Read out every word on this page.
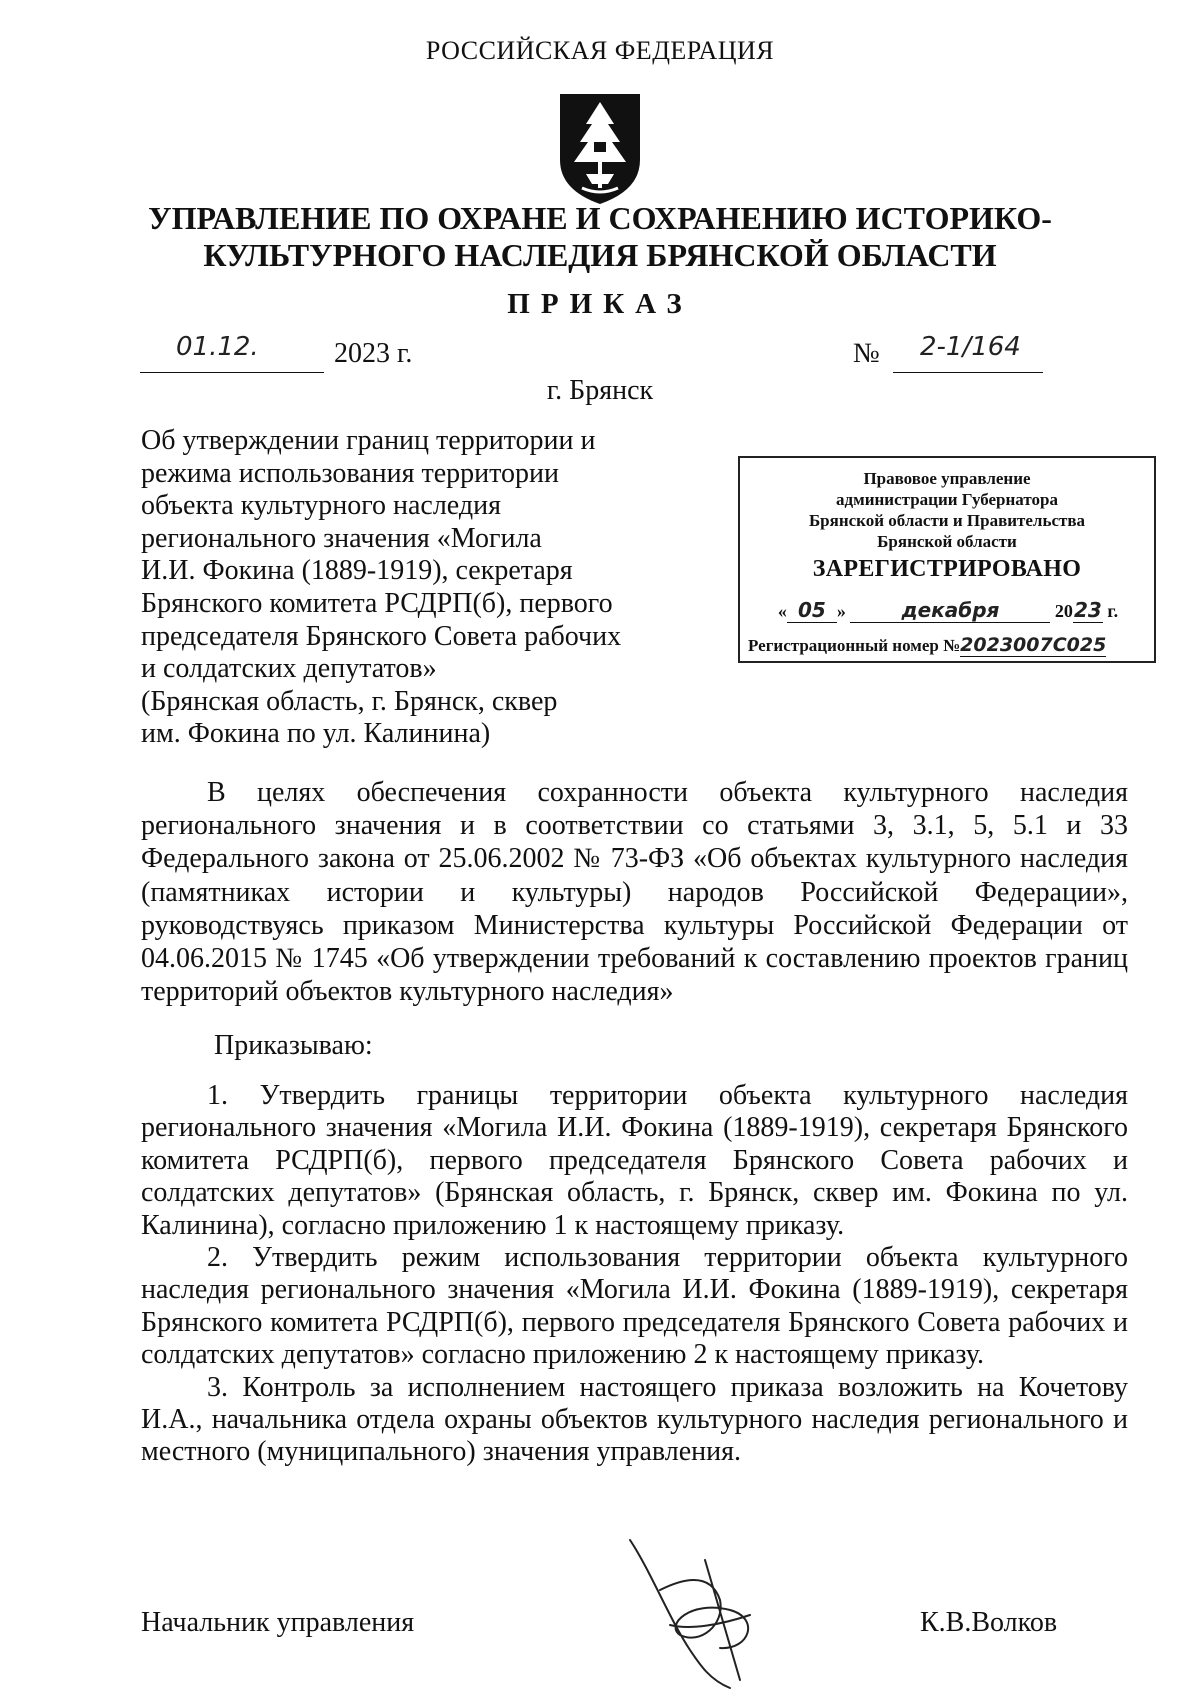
РОССИЙСКАЯ ФЕДЕРАЦИЯ
УПРАВЛЕНИЕ ПО ОХРАНЕ И СОХРАНЕНИЮ ИСТОРИКО-
КУЛЬТУРНОГО НАСЛЕДИЯ БРЯНСКОЙ ОБЛАСТИ
ПРИКАЗ
01.12.	2023 г.	№ 2-1/164
г. Брянск

Об утверждении границ территории и

режима использования территории

объекта культурного наследия

регионального значения «Могила

И.И. Фокина (1889-1919), секретаря

Брянского комитета РСДРП(б), первого

председателя Брянского Совета рабочих

и солдатских депутатов»

(Брянская область, г. Брянск, сквер

им. Фокина по ул. Калинина)

Правовое управление
администрации Губернатора
Брянской области и Правительства
Брянской области
ЗАРЕГИСТРИРОВАНО
« 05 »	декабря	2023 г.
Регистрационный номер №2023007С025

В целях обеспечения сохранности объекта культурного наследия регионального значения и в соответствии со статьями 3, 3.1, 5, 5.1 и 33 Федерального закона от 25.06.2002 № 73-ФЗ «Об объектах культурного наследия (памятниках истории и культуры) народов Российской Федерации», руководствуясь приказом Министерства культуры Российской Федерации от 04.06.2015 № 1745 «Об утверждении требований к составлению проектов границ территорий объектов культурного наследия»

Приказываю:

1. Утвердить границы территории объекта культурного наследия регионального значения «Могила И.И. Фокина (1889-1919), секретаря Брянского комитета РСДРП(б), первого председателя Брянского Совета рабочих и солдатских депутатов» (Брянская область, г. Брянск, сквер им. Фокина по ул. Калинина), согласно приложению 1 к настоящему приказу.

2. Утвердить режим использования территории объекта культурного наследия регионального значения «Могила И.И. Фокина (1889-1919), секретаря Брянского комитета РСДРП(б), первого председателя Брянского Совета рабочих и солдатских депутатов» согласно приложению 2 к настоящему приказу.

3. Контроль за исполнением настоящего приказа возложить на Кочетову И.А., начальника отдела охраны объектов культурного наследия регионального и местного (муниципального) значения управления.

Начальник управления	К.В.Волков
